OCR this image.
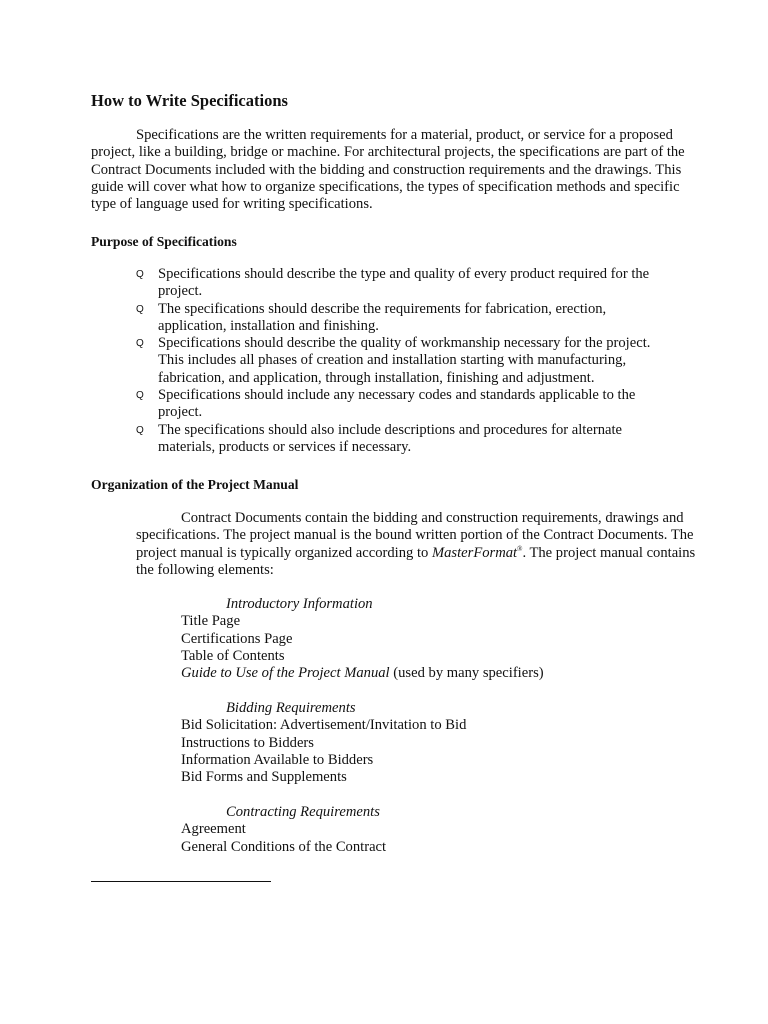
How to Write Specifications

Specifications are the written requirements for a material, product, or service for a proposed project, like a building, bridge or machine. For architectural projects, the specifications are part of the Contract Documents included with the bidding and construction requirements and the drawings. This guide will cover what how to organize specifications, the types of specification methods and specific type of language used for writing specifications.

Purpose of Specifications
Q Specifications should describe the type and quality of every product required for the project.
Q The specifications should describe the requirements for fabrication, erection, application, installation and finishing.
Q Specifications should describe the quality of workmanship necessary for the project. This includes all phases of creation and installation starting with manufacturing, fabrication, and application, through installation, finishing and adjustment.
Q Specifications should include any necessary codes and standards applicable to the project.
Q The specifications should also include descriptions and procedures for alternate materials, products or services if necessary.
Organization of the Project Manual

Contract Documents contain the bidding and construction requirements, drawings and specifications. The project manual is the bound written portion of the Contract Documents. The project manual is typically organized according to MasterFormat®. The project manual contains the following elements:

Introductory Information
Title Page
Certifications Page
Table of Contents
Guide to Use of the Project Manual (used by many specifiers)
Bidding Requirements
Bid Solicitation: Advertisement/Invitation to Bid
Instructions to Bidders
Information Available to Bidders
Bid Forms and Supplements
Contracting Requirements
Agreement
General Conditions of the Contract
